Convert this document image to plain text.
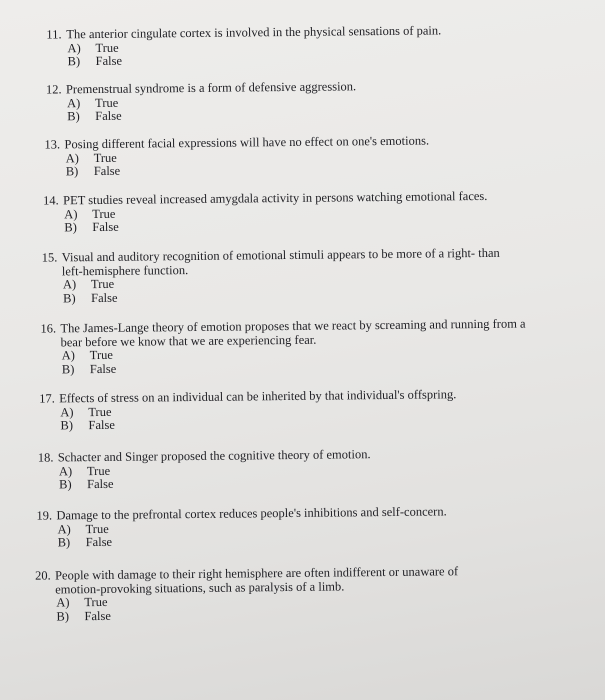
11. The anterior cingulate cortex is involved in the physical sensations of pain.
A)	True
B)	False
12. Premenstrual syndrome is a form of defensive aggression.
A)	True
B)	False
13. Posing different facial expressions will have no effect on one's emotions.
A)	True
B)	False
14. PET studies reveal increased amygdala activity in persons watching emotional faces.
A)	True
B)	False
15. Visual and auditory recognition of emotional stimuli appears to be more of a right- than left-hemisphere function.
A)	True
B)	False
16. The James-Lange theory of emotion proposes that we react by screaming and running from a bear before we know that we are experiencing fear.
A)	True
B)	False
17. Effects of stress on an individual can be inherited by that individual's offspring.
A)	True
B)	False
18. Schacter and Singer proposed the cognitive theory of emotion.
A)	True
B)	False
19. Damage to the prefrontal cortex reduces people's inhibitions and self-concern.
A)	True
B)	False
20. People with damage to their right hemisphere are often indifferent or unaware of emotion-provoking situations, such as paralysis of a limb.
A)	True
B)	False
